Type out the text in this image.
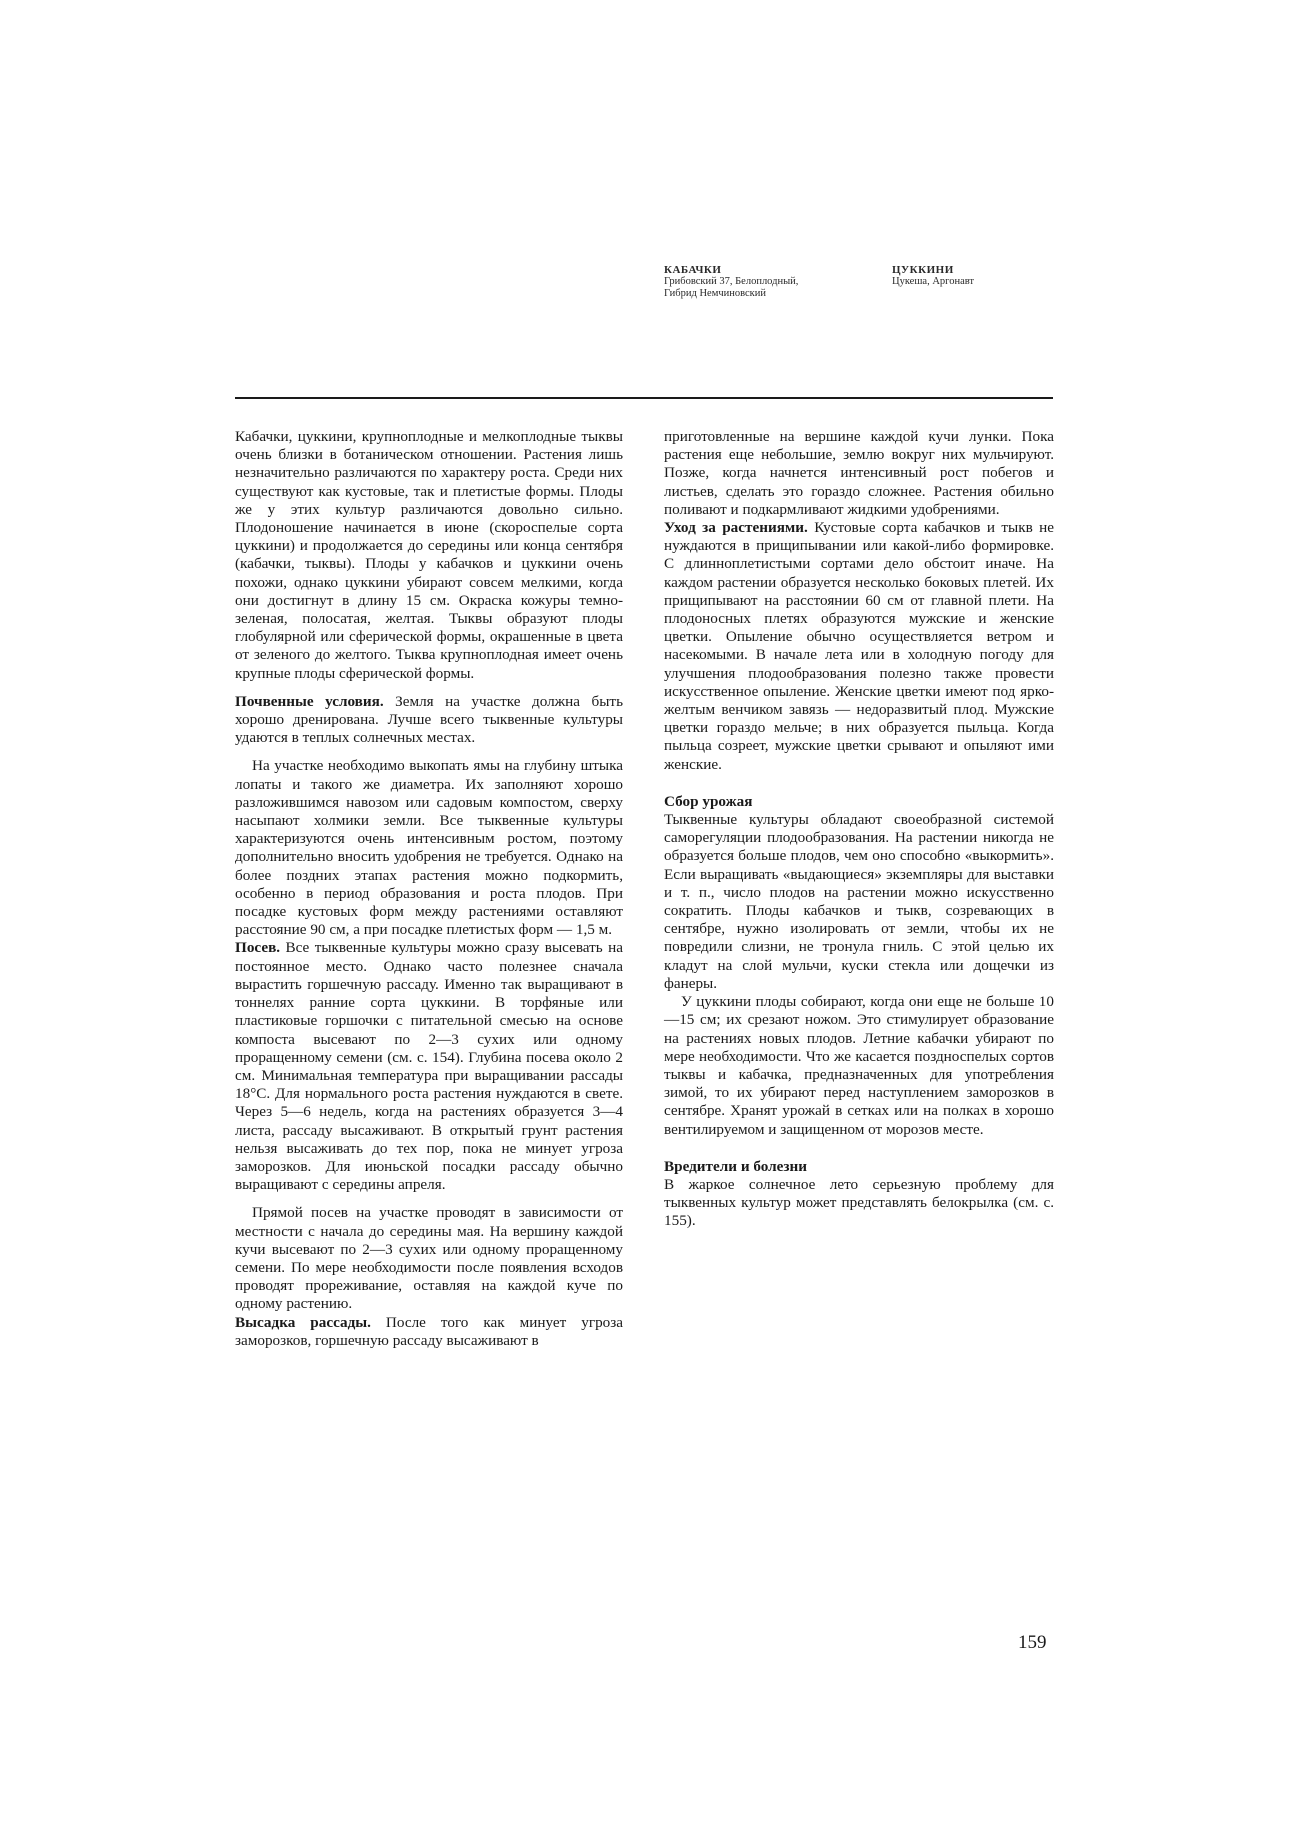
КАБАЧКИ
Грибовский 37, Белоплодный,
Гибрид Немчиновский
ЦУККИНИ
Цукеша, Аргонавт

Кабачки, цуккини, крупноплодные и мелкоплодные тыквы очень близки в ботаническом отношении. Растения лишь незначительно различаются по характеру роста. Среди них существуют как кустовые, так и плетистые формы. Плоды же у этих культур различаются довольно сильно. Плодоношение начинается в июне (скороспелые сорта цуккини) и продолжается до середины или конца сентября (кабачки, тыквы). Плоды у кабачков и цуккини очень похожи, однако цуккини убирают совсем мелкими, когда они достигнут в длину 15 см. Окраска кожуры темно-зеленая, полосатая, желтая. Тыквы образуют плоды глобулярной или сферической формы, окрашенные в цвета от зеленого до желтого. Тыква крупноплодная имеет очень крупные плоды сферической формы.

Почвенные условия. Земля на участке должна быть хорошо дренирована. Лучше всего тыквенные культуры удаются в теплых солнечных местах.

На участке необходимо выкопать ямы на глубину штыка лопаты и такого же диаметра. Их заполняют хорошо разложившимся навозом или садовым компостом, сверху насыпают холмики земли. Все тыквенные культуры характеризуются очень интенсивным ростом, поэтому дополнительно вносить удобрения не требуется. Однако на более поздних этапах растения можно подкормить, особенно в период образования и роста плодов. При посадке кустовых форм между растениями оставляют расстояние 90 см, а при посадке плетистых форм — 1,5 м.

Посев. Все тыквенные культуры можно сразу высевать на постоянное место. Однако часто полезнее сначала вырастить горшечную рассаду. Именно так выращивают в тоннелях ранние сорта цуккини. В торфяные или пластиковые горшочки с питательной смесью на основе компоста высевают по 2—3 сухих или одному проращенному семени (см. с. 154). Глубина посева около 2 см. Минимальная температура при выращивании рассады 18°С. Для нормального роста растения нуждаются в свете. Через 5—6 недель, когда на растениях образуется 3—4 листа, рассаду высаживают. В открытый грунт растения нельзя высаживать до тех пор, пока не минует угроза заморозков. Для июньской посадки рассаду обычно выращивают с середины апреля.

Прямой посев на участке проводят в зависимости от местности с начала до середины мая. На вершину каждой кучи высевают по 2—3 сухих или одному проращенному семени. По мере необходимости после появления всходов проводят прореживание, оставляя на каждой куче по одному растению.

Высадка рассады. После того как минует угроза заморозков, горшечную рассаду высаживают в

приготовленные на вершине каждой кучи лунки. Пока растения еще небольшие, землю вокруг них мульчируют. Позже, когда начнется интенсивный рост побегов и листьев, сделать это гораздо сложнее. Растения обильно поливают и подкармливают жидкими удобрениями.

Уход за растениями. Кустовые сорта кабачков и тыкв не нуждаются в прищипывании или какой-либо формировке. С длинноплетистыми сортами дело обстоит иначе. На каждом растении образуется несколько боковых плетей. Их прищипывают на расстоянии 60 см от главной плети. На плодоносных плетях образуются мужские и женские цветки. Опыление обычно осуществляется ветром и насекомыми. В начале лета или в холодную погоду для улучшения плодообразования полезно также провести искусственное опыление. Женские цветки имеют под ярко-желтым венчиком завязь — недоразвитый плод. Мужские цветки гораздо мельче; в них образуется пыльца. Когда пыльца созреет, мужские цветки срывают и опыляют ими женские.

Сбор урожая

Тыквенные культуры обладают своеобразной системой саморегуляции плодообразования. На растении никогда не образуется больше плодов, чем оно способно «выкормить». Если выращивать «выдающиеся» экземпляры для выставки и т. п., число плодов на растении можно искусственно сократить. Плоды кабачков и тыкв, созревающих в сентябре, нужно изолировать от земли, чтобы их не повредили слизни, не тронула гниль. С этой целью их кладут на слой мульчи, куски стекла или дощечки из фанеры.

У цуккини плоды собирают, когда они еще не больше 10—15 см; их срезают ножом. Это стимулирует образование на растениях новых плодов. Летние кабачки убирают по мере необходимости. Что же касается поздноспелых сортов тыквы и кабачка, предназначенных для употребления зимой, то их убирают перед наступлением заморозков в сентябре. Хранят урожай в сетках или на полках в хорошо вентилируемом и защищенном от морозов месте.

Вредители и болезни

В жаркое солнечное лето серьезную проблему для тыквенных культур может представлять белокрылка (см. с. 155).

159
